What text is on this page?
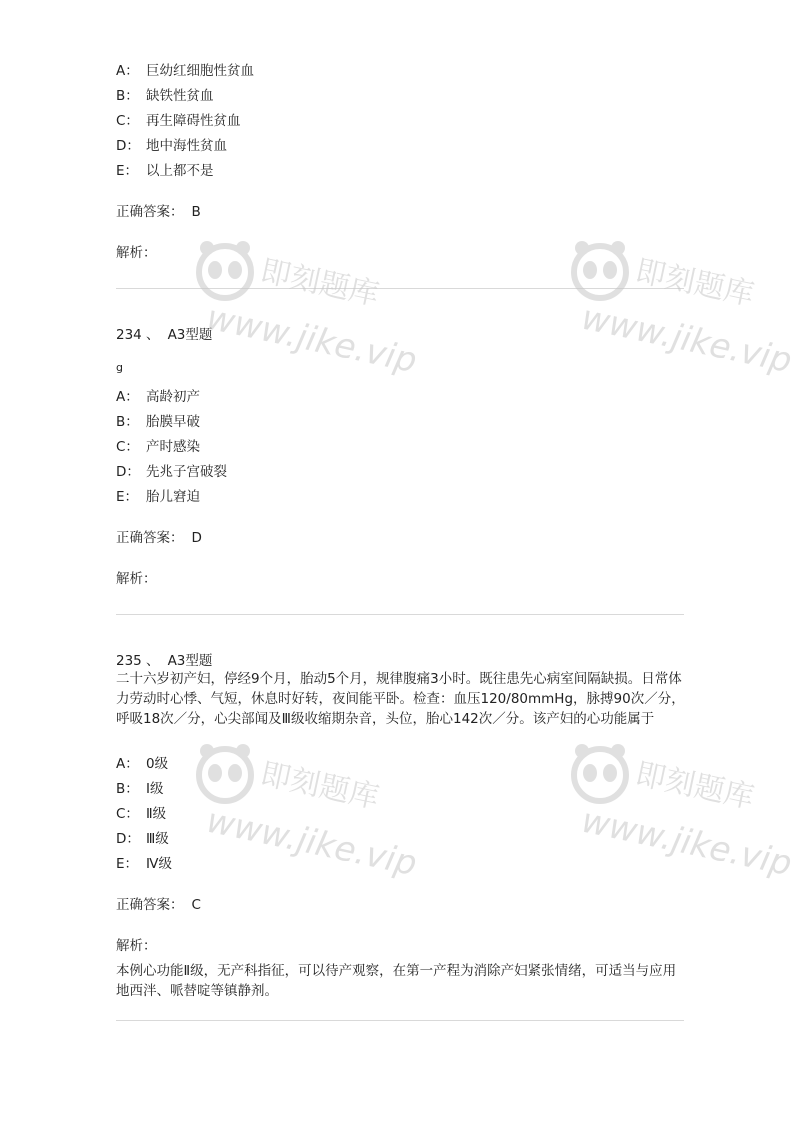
A： 巨幼红细胞性贫血
B： 缺铁性贫血
C： 再生障碍性贫血
D： 地中海性贫血
E： 以上都不是
正确答案： B
解析：
234 、 A3型题
g
A： 高龄初产
B： 胎膜早破
C： 产时感染
D： 先兆子宫破裂
E： 胎儿窘迫
正确答案： D
解析：
235 、 A3型题
二十六岁初产妇，停经9个月，胎动5个月，规律腹痛3小时。既往患先心病室间隔缺损。日常体力劳动时心悸、气短，休息时好转，夜间能平卧。检查：血压120/80mmHg，脉搏90次／分，呼吸18次／分，心尖部闻及Ⅲ级收缩期杂音，头位，胎心142次／分。该产妇的心功能属于
A： 0级
B： Ⅰ级
C： Ⅱ级
D： Ⅲ级
E： Ⅳ级
正确答案： C
解析：
本例心功能Ⅱ级，无产科指征，可以待产观察，在第一产程为消除产妇紧张情绪，可适当与应用地西泮、哌替啶等镇静剂。
即刻题库
www.jike.vip
即刻题库
www.jike.vip
即刻题库
www.jike.vip
即刻题库
www.jike.vip
